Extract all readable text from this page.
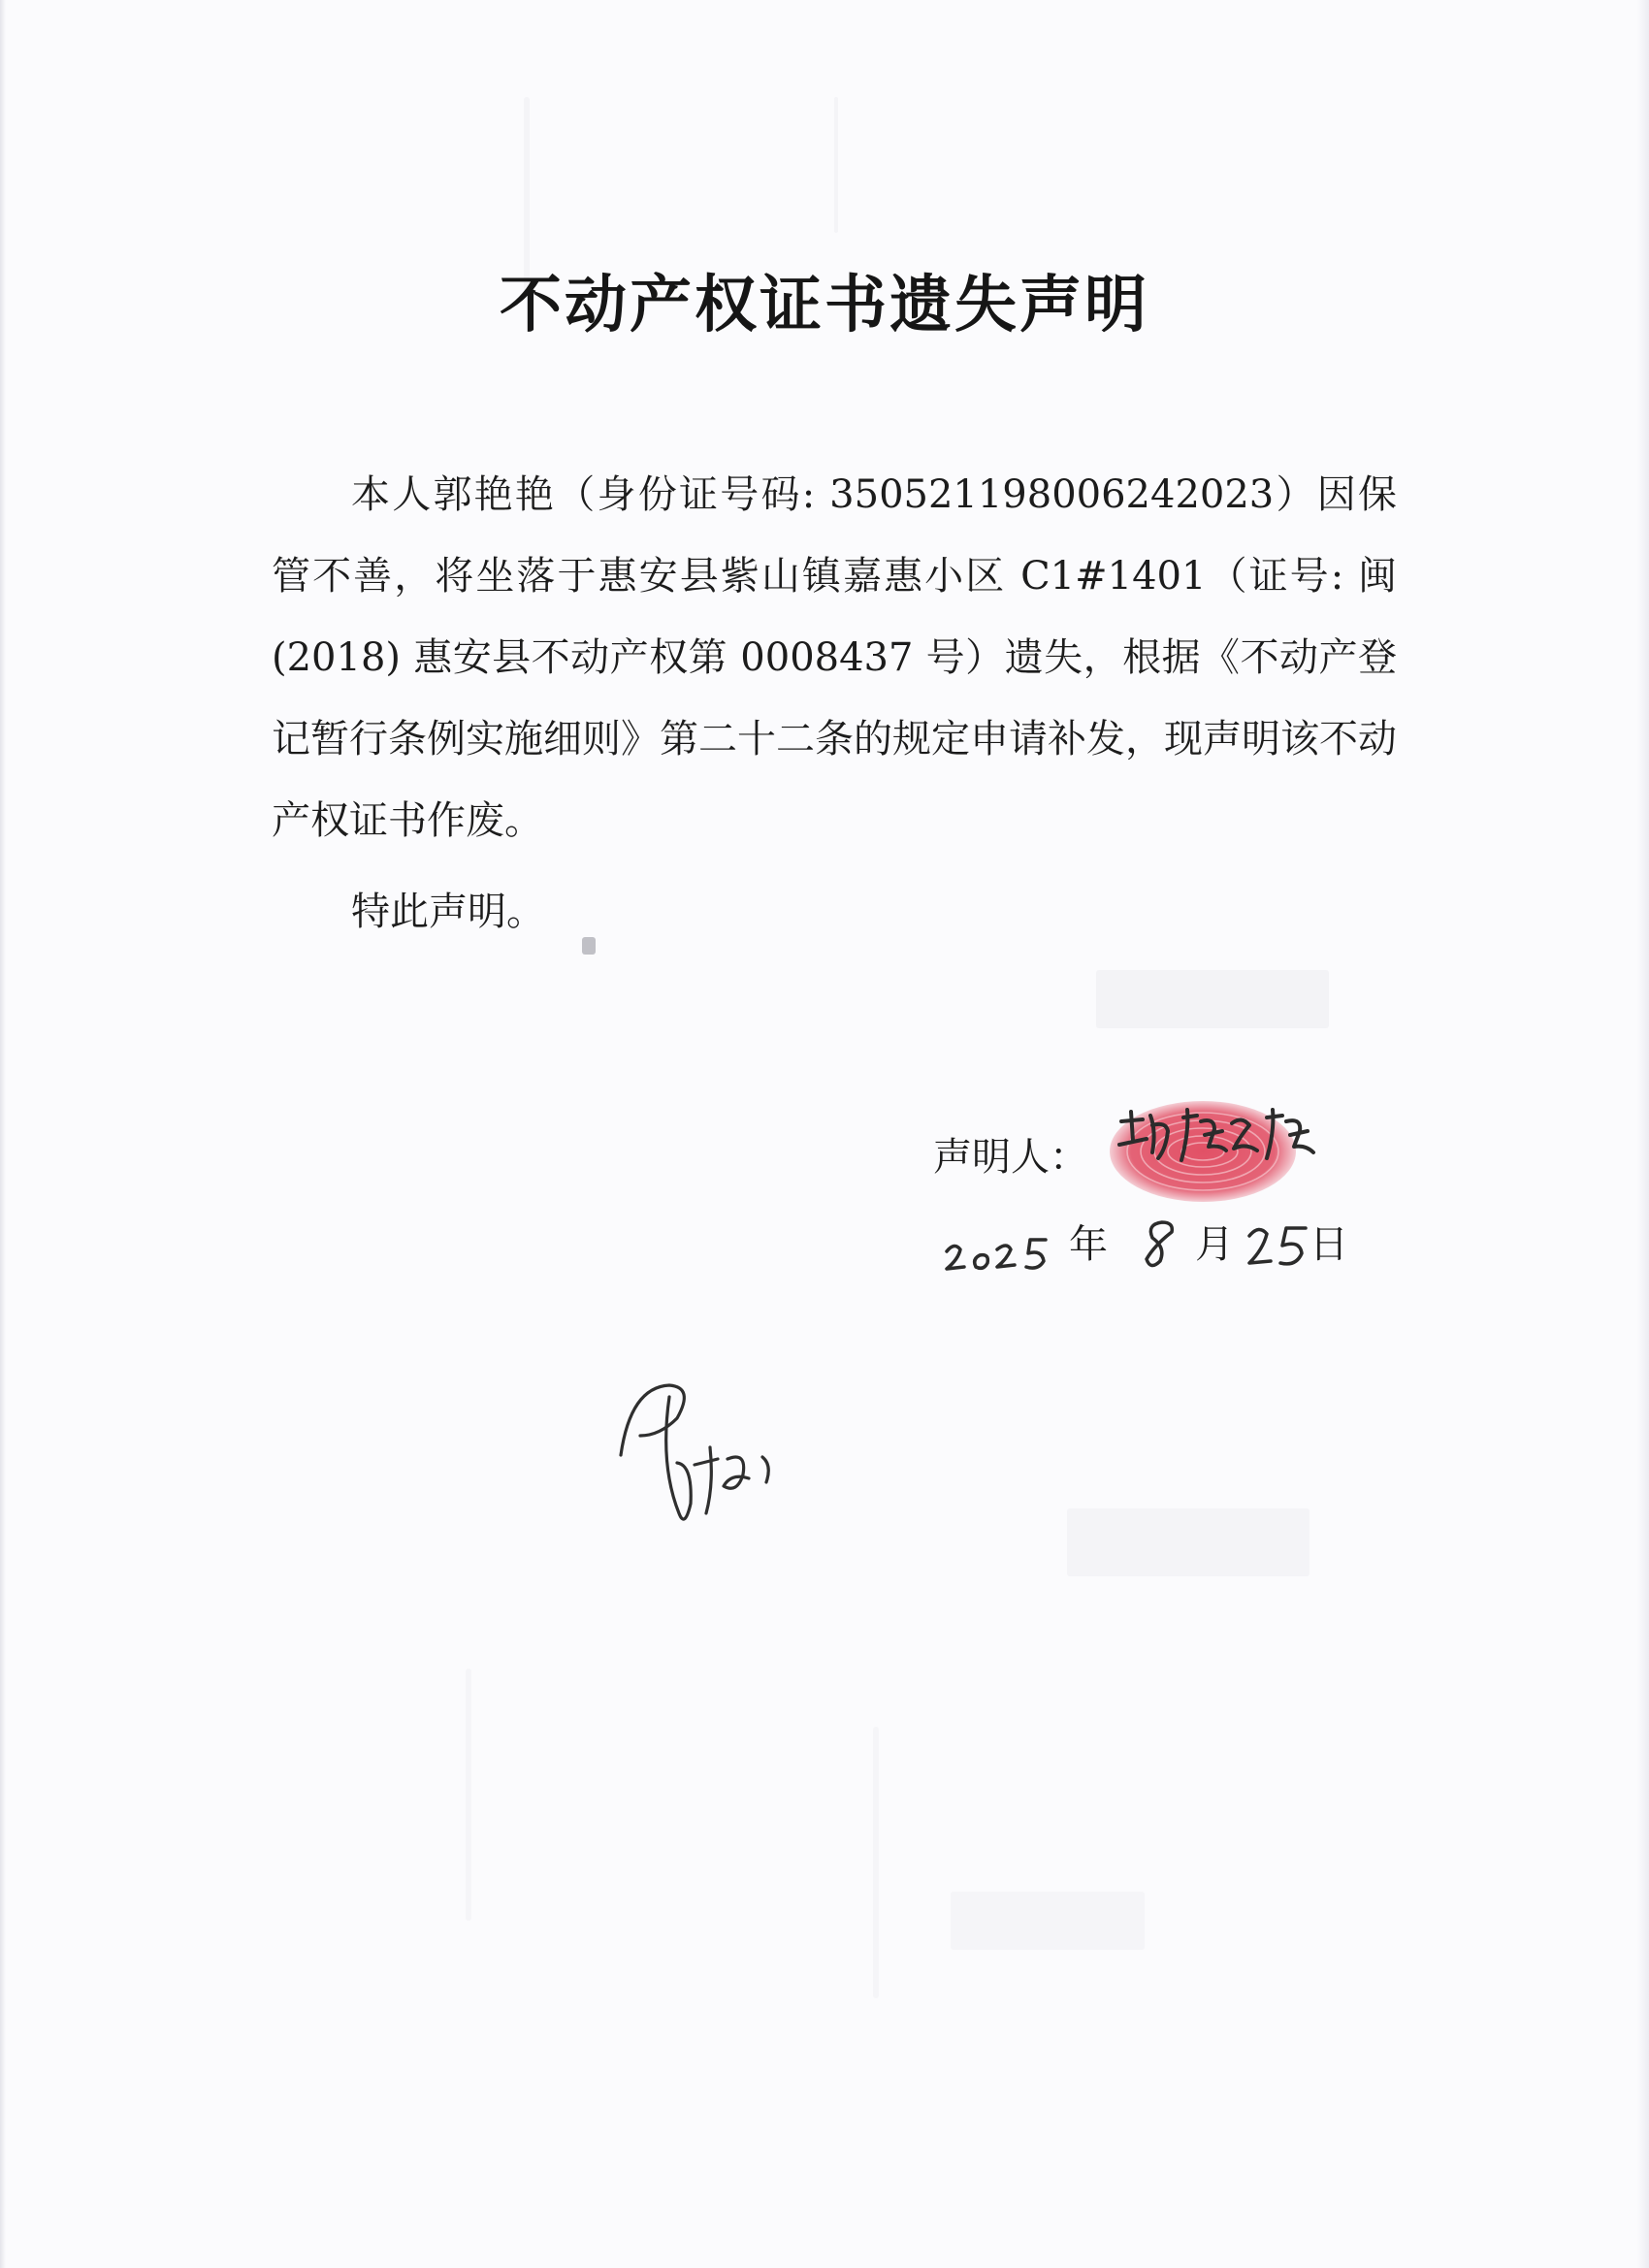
不动产权证书遗失声明

本人郭艳艳（身份证号码: 350521198006242023）因保管不善，将坐落于惠安县紫山镇嘉惠小区 C1#1401（证号: 闽(2018) 惠安县不动产权第 0008437 号）遗失，根据《不动产登记暂行条例实施细则》第二十二条的规定申请补发，现声明该不动产权证书作废。

特此声明。

声明人：
年 月 日
